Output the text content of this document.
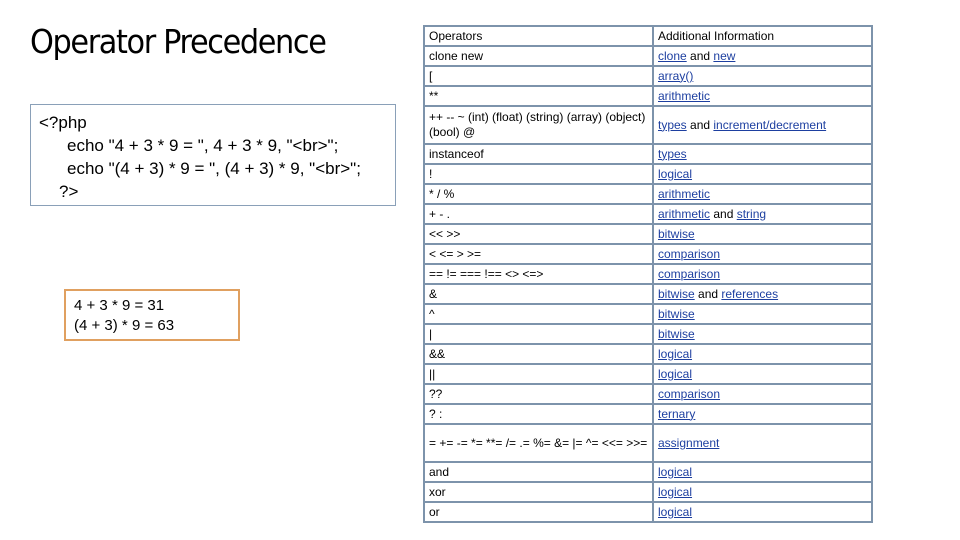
Operator Precedence
<?php
echo "4 + 3 * 9 = ", 4 + 3 * 9, "<br>";
echo "(4 + 3) * 9 = ", (4 + 3) * 9, "<br>";
?>
4 + 3 * 9 = 31
(4 + 3) * 9 = 63
Operators	Additional Information
clone new	clone and new
[	array()
**	arithmetic
++ -- ~ (int) (float) (string) (array) (object) (bool) @	types and increment/decrement
instanceof	types
!	logical
* / %	arithmetic
+ - .	arithmetic and string
<< >>	bitwise
< <= > >=	comparison
== != === !== <> <=>	comparison
&	bitwise and references
^	bitwise
|	bitwise
&&	logical
||	logical
??	comparison
? :	ternary
= += -= *= **= /= .= %= &= |= ^= <<= >>=	assignment
and	logical
xor	logical
or	logical
